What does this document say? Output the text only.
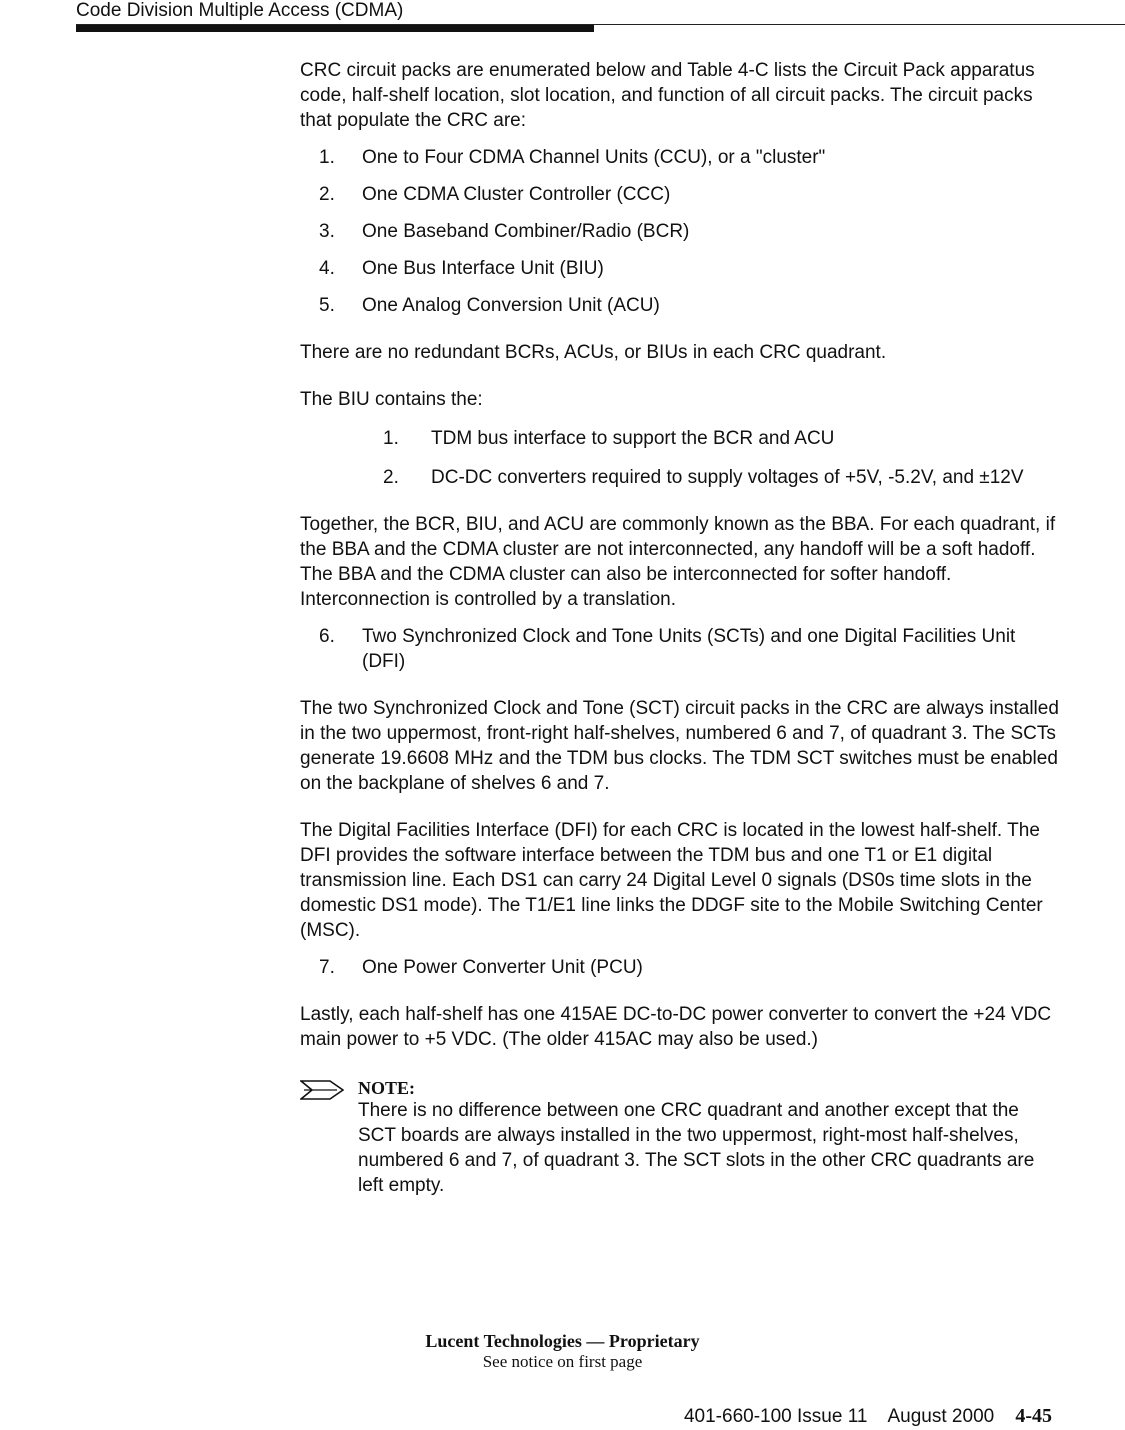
Code Division Multiple Access (CDMA)

CRC circuit packs are enumerated below and Table 4-C lists the Circuit Pack apparatus code, half-shelf location, slot location, and function of all circuit packs. The circuit packs that populate the CRC are:

1. One to Four CDMA Channel Units (CCU), or a "cluster"
2. One CDMA Cluster Controller (CCC)
3. One Baseband Combiner/Radio (BCR)
4. One Bus Interface Unit (BIU)
5. One Analog Conversion Unit (ACU)

There are no redundant BCRs, ACUs, or BIUs in each CRC quadrant.

The BIU contains the:

1. TDM bus interface to support the BCR and ACU
2. DC-DC converters required to supply voltages of +5V, -5.2V, and ±12V

Together, the BCR, BIU, and ACU are commonly known as the BBA. For each quadrant, if the BBA and the CDMA cluster are not interconnected, any handoff will be a soft hadoff. The BBA and the CDMA cluster can also be interconnected for softer handoff. Interconnection is controlled by a translation.

6. Two Synchronized Clock and Tone Units (SCTs) and one Digital Facilities Unit (DFI)

The two Synchronized Clock and Tone (SCT) circuit packs in the CRC are always installed in the two uppermost, front-right half-shelves, numbered 6 and 7, of quadrant 3. The SCTs generate 19.6608 MHz and the TDM bus clocks. The TDM SCT switches must be enabled on the backplane of shelves 6 and 7.

The Digital Facilities Interface (DFI) for each CRC is located in the lowest half-shelf. The DFI provides the software interface between the TDM bus and one T1 or E1 digital transmission line. Each DS1 can carry 24 Digital Level 0 signals (DS0s time slots in the domestic DS1 mode). The T1/E1 line links the DDGF site to the Mobile Switching Center (MSC).

7. One Power Converter Unit (PCU)

Lastly, each half-shelf has one 415AE DC-to-DC power converter to convert the +24 VDC main power to +5 VDC. (The older 415AC may also be used.)

NOTE:
There is no difference between one CRC quadrant and another except that the SCT boards are always installed in the two uppermost, right-most half-shelves, numbered 6 and 7, of quadrant 3. The SCT slots in the other CRC quadrants are left empty.
Lucent Technologies — Proprietary
See notice on first page
401-660-100 Issue 11 August 2000 4-45
